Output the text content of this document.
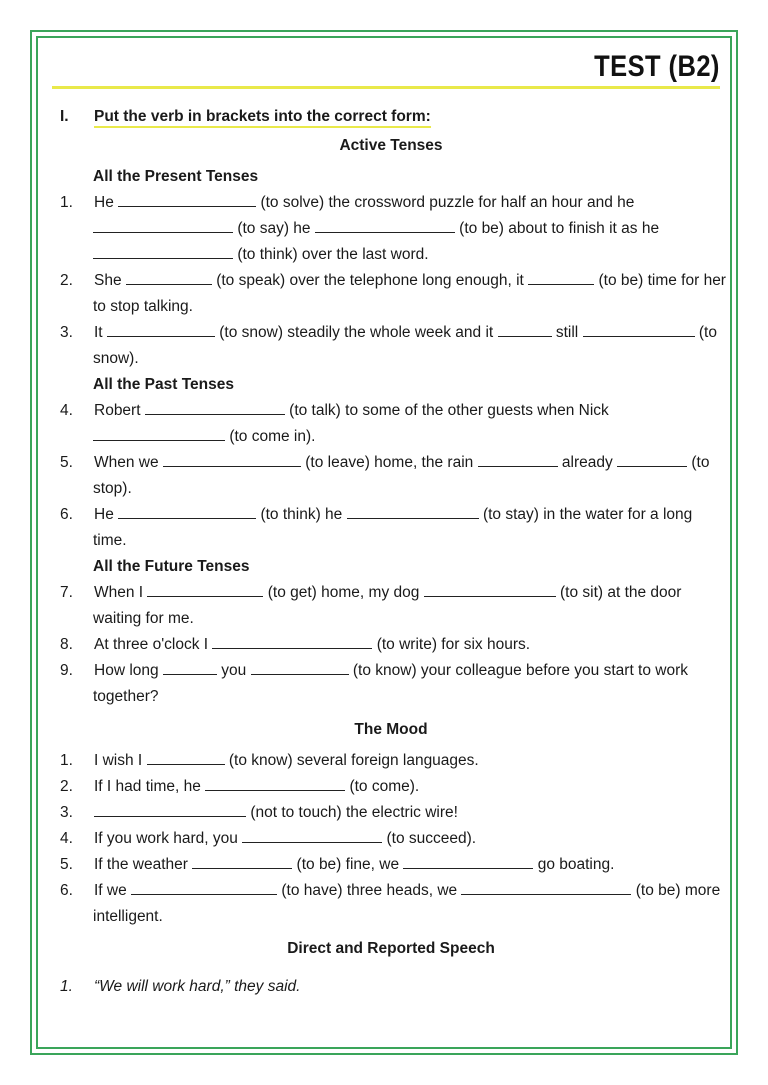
TEST (B2)
I. Put the verb in brackets into the correct form:
Active Tenses
All the Present Tenses
1. He	(to solve) the crossword puzzle for half an hour and he
(to say) he	(to be) about to finish it as he
(to think) over the last word.
2. She	(to speak) over the telephone long enough, it	(to be) time for her
to stop talking.
3. It	(to snow) steadily the whole week and it	still	(to
snow).
All the Past Tenses
4. Robert	(to talk) to some of the other guests when Nick
(to come in).
5. When we	(to leave) home, the rain	already	(to
stop).
6. He	(to think) he	(to stay) in the water for a long
time.
All the Future Tenses
7. When I	(to get) home, my dog	(to sit) at the door
waiting for me.
8. At three o'clock I	(to write) for six hours.
9. How long	you	(to know) your colleague before you start to work
together?
The Mood
1. I wish I	(to know) several foreign languages.
2. If I had time, he	(to come).
3.	(not to touch) the electric wire!
4. If you work hard, you	(to succeed).
5. If the weather	(to be) fine, we	go boating.
6. If we	(to have) three heads, we	(to be) more
intelligent.
Direct and Reported Speech
1. “We will work hard,” they said.
